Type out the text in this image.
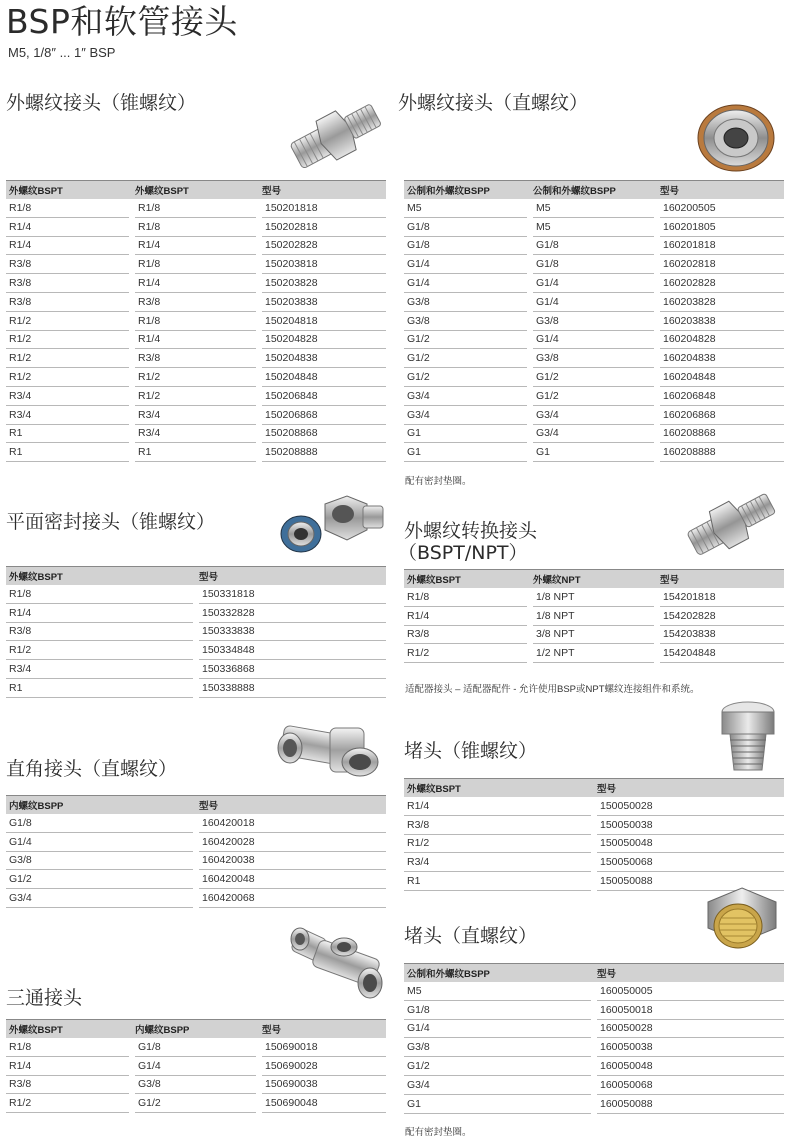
BSP和软管接头
M5, 1/8″ ... 1″ BSP
外螺纹接头（锥螺纹）
外螺纹BSPT	外螺纹BSPT	型号
R1/8	R1/8	150201818
R1/4	R1/8	150202818
R1/4	R1/4	150202828
R3/8	R1/8	150203818
R3/8	R1/4	150203828
R3/8	R3/8	150203838
R1/2	R1/8	150204818
R1/2	R1/4	150204828
R1/2	R3/8	150204838
R1/2	R1/2	150204848
R3/4	R1/2	150206848
R3/4	R3/4	150206868
R1	R3/4	150208868
R1	R1	150208888
外螺纹接头（直螺纹）
公制和外螺纹BSPP	公制和外螺纹BSPP	型号
M5	M5	160200505
G1/8	M5	160201805
G1/8	G1/8	160201818
G1/4	G1/8	160202818
G1/4	G1/4	160202828
G3/8	G1/4	160203828
G3/8	G3/8	160203838
G1/2	G1/4	160204828
G1/2	G3/8	160204838
G1/2	G1/2	160204848
G3/4	G1/2	160206848
G3/4	G3/4	160206868
G1	G3/4	160208868
G1	G1	160208888
配有密封垫圈。
平面密封接头（锥螺纹）
外螺纹BSPT	型号
R1/8	150331818
R1/4	150332828
R3/8	150333838
R1/2	150334848
R3/4	150336868
R1	150338888
外螺纹转换接头
（BSPT/NPT）
外螺纹BSPT	外螺纹NPT	型号
R1/8	1/8 NPT	154201818
R1/4	1/8 NPT	154202828
R3/8	3/8 NPT	154203838
R1/2	1/2 NPT	154204848
适配器接头 – 适配器配件 - 允许使用BSP或NPT螺纹连接组件和系统。
直角接头（直螺纹）
内螺纹BSPP	型号
G1/8	160420018
G1/4	160420028
G3/8	160420038
G1/2	160420048
G3/4	160420068
堵头（锥螺纹）
外螺纹BSPT	型号
R1/4	150050028
R3/8	150050038
R1/2	150050048
R3/4	150050068
R1	150050088
三通接头
外螺纹BSPT	内螺纹BSPP	型号
R1/8	G1/8	150690018
R1/4	G1/4	150690028
R3/8	G3/8	150690038
R1/2	G1/2	150690048
堵头（直螺纹）
公制和外螺纹BSPP	型号
M5	160050005
G1/8	160050018
G1/4	160050028
G3/8	160050038
G1/2	160050048
G3/4	160050068
G1	160050088
配有密封垫圈。
